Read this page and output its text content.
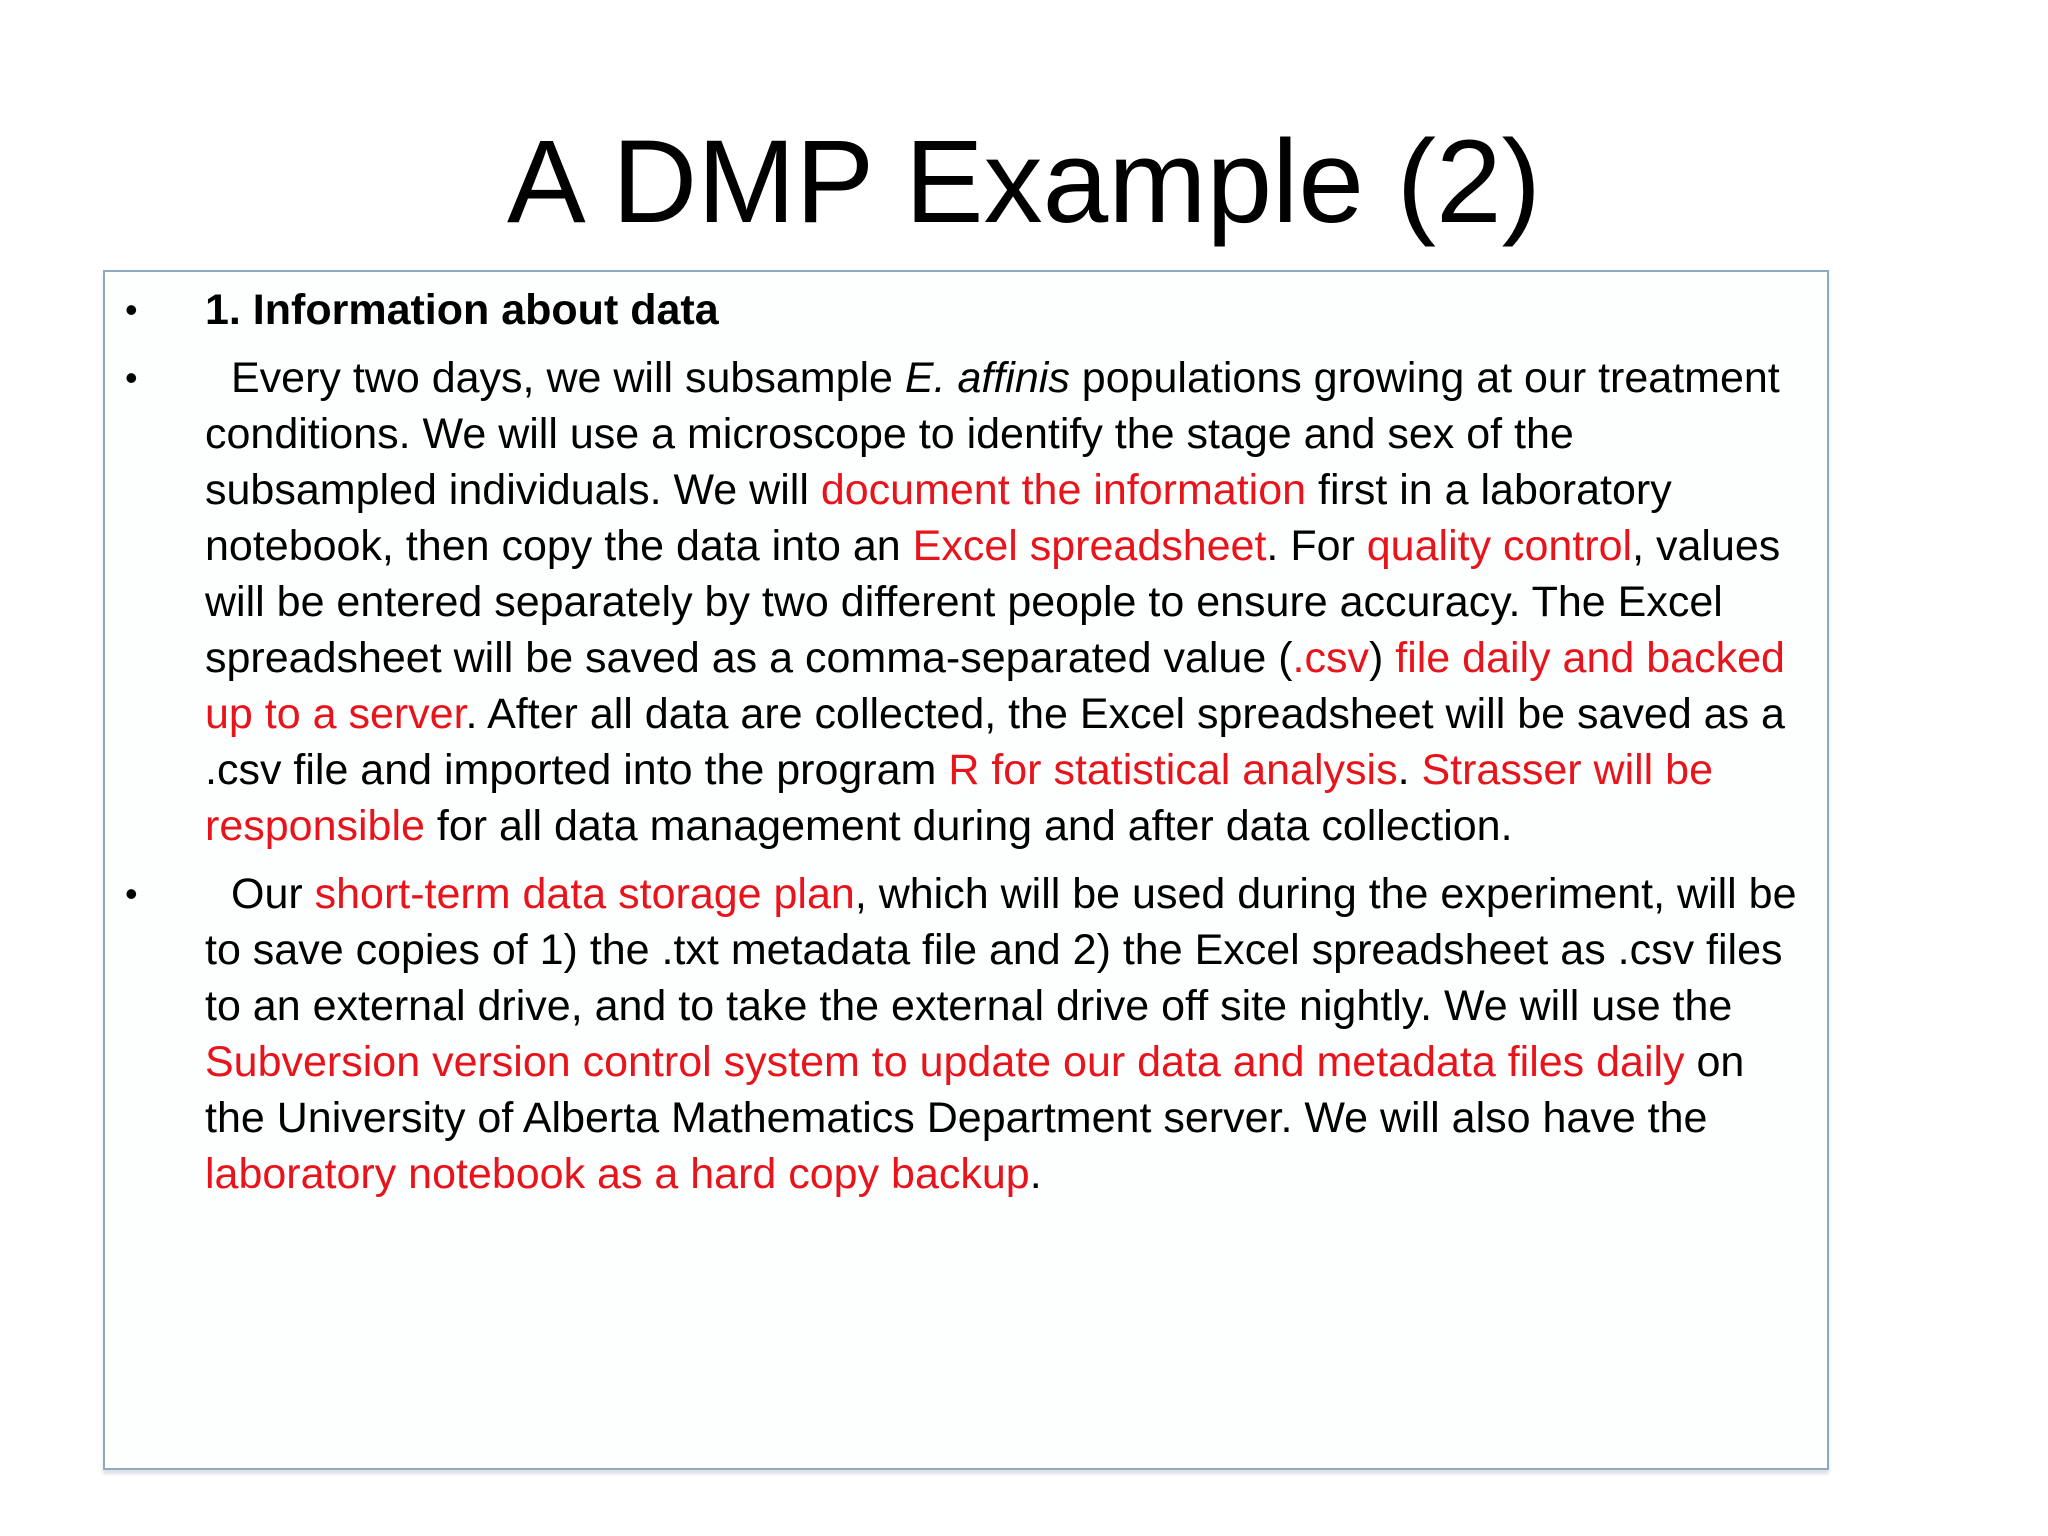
A DMP Example (2)
•	1. Information about data
•	Every two days, we will subsample E. affinis populations growing at our treatment conditions. We will use a microscope to identify the stage and sex of the subsampled individuals. We will document the information first in a laboratory notebook, then copy the data into an Excel spreadsheet. For quality control, values will be entered separately by two different people to ensure accuracy. The Excel spreadsheet will be saved as a comma-separated value (.csv) file daily and backed up to a server. After all data are collected, the Excel spreadsheet will be saved as a .csv file and imported into the program R for statistical analysis. Strasser will be responsible for all data management during and after data collection.
•	Our short-term data storage plan, which will be used during the experiment, will be to save copies of 1) the .txt metadata file and 2) the Excel spreadsheet as .csv files to an external drive, and to take the external drive off site nightly. We will use the Subversion version control system to update our data and metadata files daily on the University of Alberta Mathematics Department server. We will also have the laboratory notebook as a hard copy backup.
